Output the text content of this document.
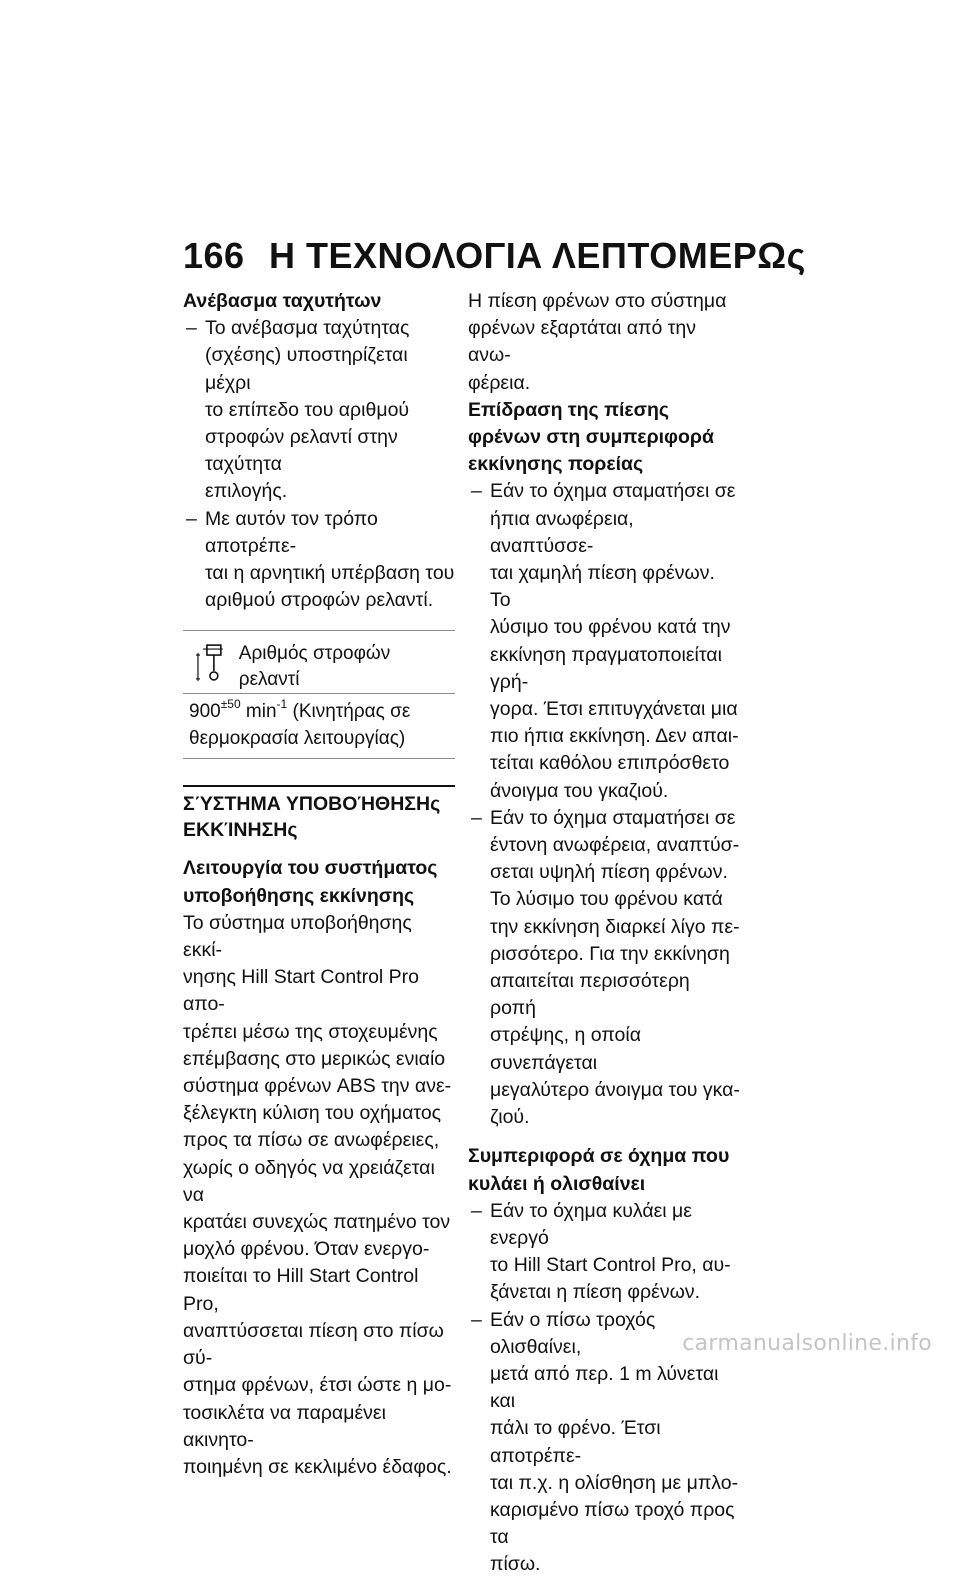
166 Η ΤΕΧΝΟΛΟΓΙΑ ΛΕΠΤΟΜΕΡΩς
Ανέβασμα ταχυτήτων
– Το ανέβασμα ταχύτητας
(σχέσης) υποστηρίζεται μέχρι
το επίπεδο του αριθμού
στροφών ρελαντί στην ταχύτητα
επιλογής.
– Με αυτόν τον τρόπο αποτρέπε-
ται η αρνητική υπέρβαση του
αριθμού στροφών ρελαντί.
Αριθμός στροφών ρελαντί
$900^{\pm 50}$ $\min^{-1} (K\iota\nu\eta\tau ή\rho\alpha\varsigma$ σε
θερμοκρασία λειτουργίας)
ΣΎΣΤΗΜΑ ΥΠΟΒΟΉΘΗΣΗς
ΕΚΚΊΝΗΣΗς
Λειτουργία του συστήματος
υποβοήθησης εκκίνησης
Το σύστημα υποβοήθησης εκκί-
νησης Hill Start Control Pro απο-
τρέπει μέσω της στοχευμένης
επέμβασης στο μερικώς ενιαίο
σύστημα φρένων ABS την ανε-
ξέλεγκτη κύλιση του οχήματος
προς τα πίσω σε ανωφέρειες,
χωρίς ο οδηγός να χρειάζεται να
κρατάει συνεχώς πατημένο τον
μοχλό φρένου. Όταν ενεργο-
ποιείται το Hill Start Control Pro,
αναπτύσσεται πίεση στο πίσω σύ-
στημα φρένων, έτσι ώστε η μο-
τοσικλέτα να παραμένει ακινητο-
ποιημένη σε κεκλιμένο έδαφος.
Η πίεση φρένων στο σύστημα
φρένων εξαρτάται από την ανω-
φέρεια.
Επίδραση της πίεσης
φρένων στη συμπεριφορά
εκκίνησης πορείας
– Εάν το όχημα σταματήσει σε
ήπια ανωφέρεια, αναπτύσσε-
ται χαμηλή πίεση φρένων. Το
λύσιμο του φρένου κατά την
εκκίνηση πραγματοποιείται γρή-
γορα. Έτσι επιτυγχάνεται μια
πιο ήπια εκκίνηση. Δεν απαι-
τείται καθόλου επιπρόσθετο
άνοιγμα του γκαζιού.
– Εάν το όχημα σταματήσει σε
έντονη ανωφέρεια, αναπτύσ-
σεται υψηλή πίεση φρένων.
Το λύσιμο του φρένου κατά
την εκκίνηση διαρκεί λίγο πε-
ρισσότερο. Για την εκκίνηση
απαιτείται περισσότερη ροπή
στρέψης, η οποία συνεπάγεται
μεγαλύτερο άνοιγμα του γκα-
ζιού.
Συμπεριφορά σε όχημα που
κυλάει ή ολισθαίνει
– Εάν το όχημα κυλάει με ενεργό
το Hill Start Control Pro, αυ-
ξάνεται η πίεση φρένων.
– Εάν ο πίσω τροχός ολισθαίνει,
μετά από περ. 1 m λύνεται και
πάλι το φρένο. Έτσι αποτρέπε-
ται π.χ. η ολίσθηση με μπλο-
καρισμένο πίσω τροχό προς τα
πίσω.
carmanualsonline.info
